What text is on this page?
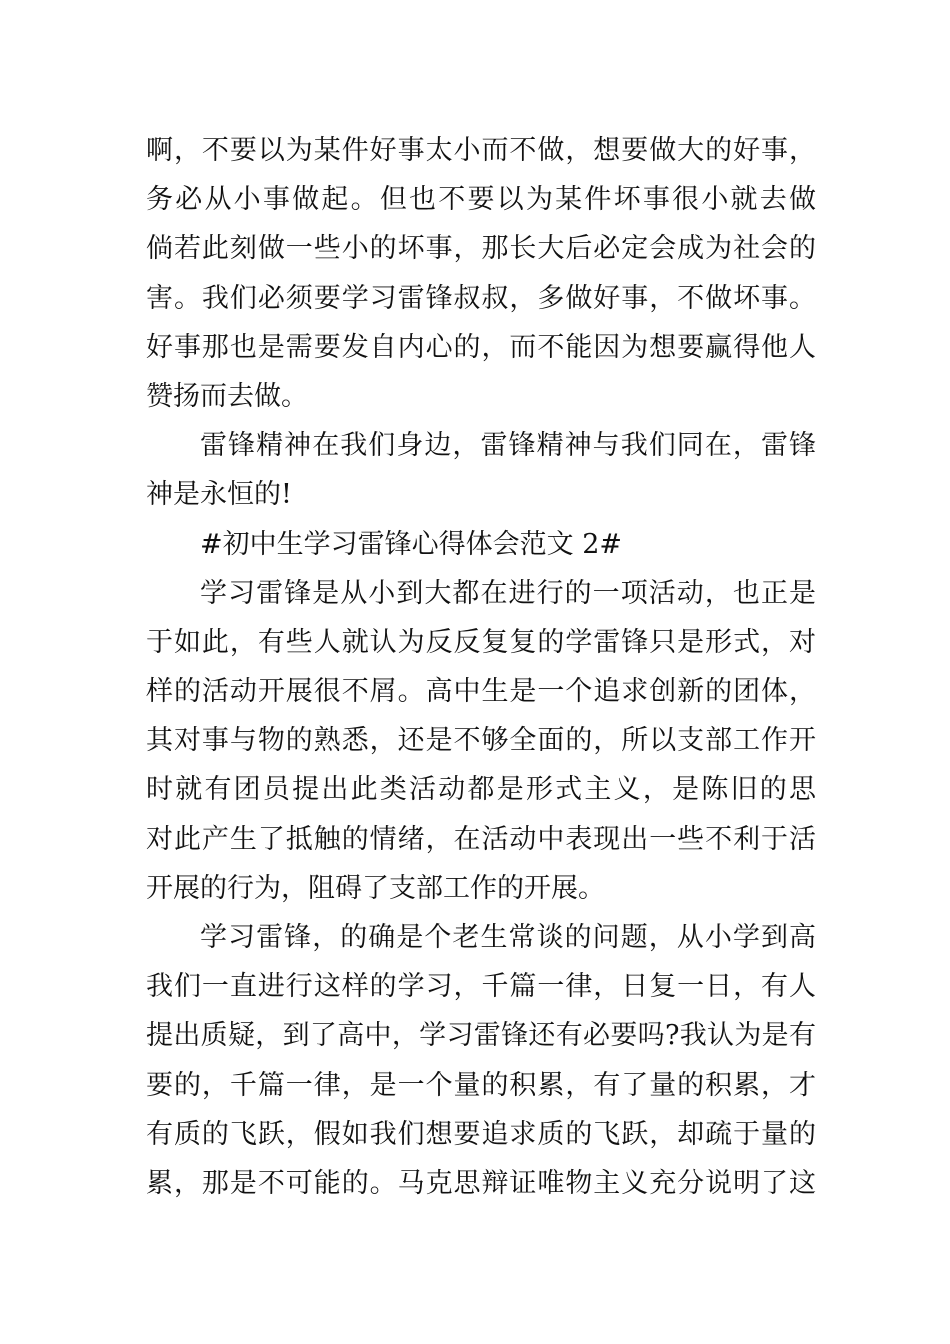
啊，不要以为某件好事太小而不做，想要做大的好事，
务必从小事做起。但也不要以为某件坏事很小就去做
倘若此刻做一些小的坏事，那长大后必定会成为社会的
害。我们必须要学习雷锋叔叔，多做好事，不做坏事。
好事那也是需要发自内心的，而不能因为想要赢得他人
赞扬而去做。
雷锋精神在我们身边，雷锋精神与我们同在，雷锋
神是永恒的!
#初中生学习雷锋心得体会范文 2#
学习雷锋是从小到大都在进行的一项活动，也正是
于如此，有些人就认为反反复复的学雷锋只是形式，对
样的活动开展很不屑。高中生是一个追求创新的团体，
其对事与物的熟悉，还是不够全面的，所以支部工作开
时就有团员提出此类活动都是形式主义，是陈旧的思
对此产生了抵触的情绪，在活动中表现出一些不利于活
开展的行为，阻碍了支部工作的开展。
学习雷锋，的确是个老生常谈的问题，从小学到高
我们一直进行这样的学习，千篇一律，日复一日，有人
提出质疑，到了高中，学习雷锋还有必要吗?我认为是有
要的，千篇一律，是一个量的积累，有了量的积累，才
有质的飞跃，假如我们想要追求质的飞跃，却疏于量的
累，那是不可能的。马克思辩证唯物主义充分说明了这
